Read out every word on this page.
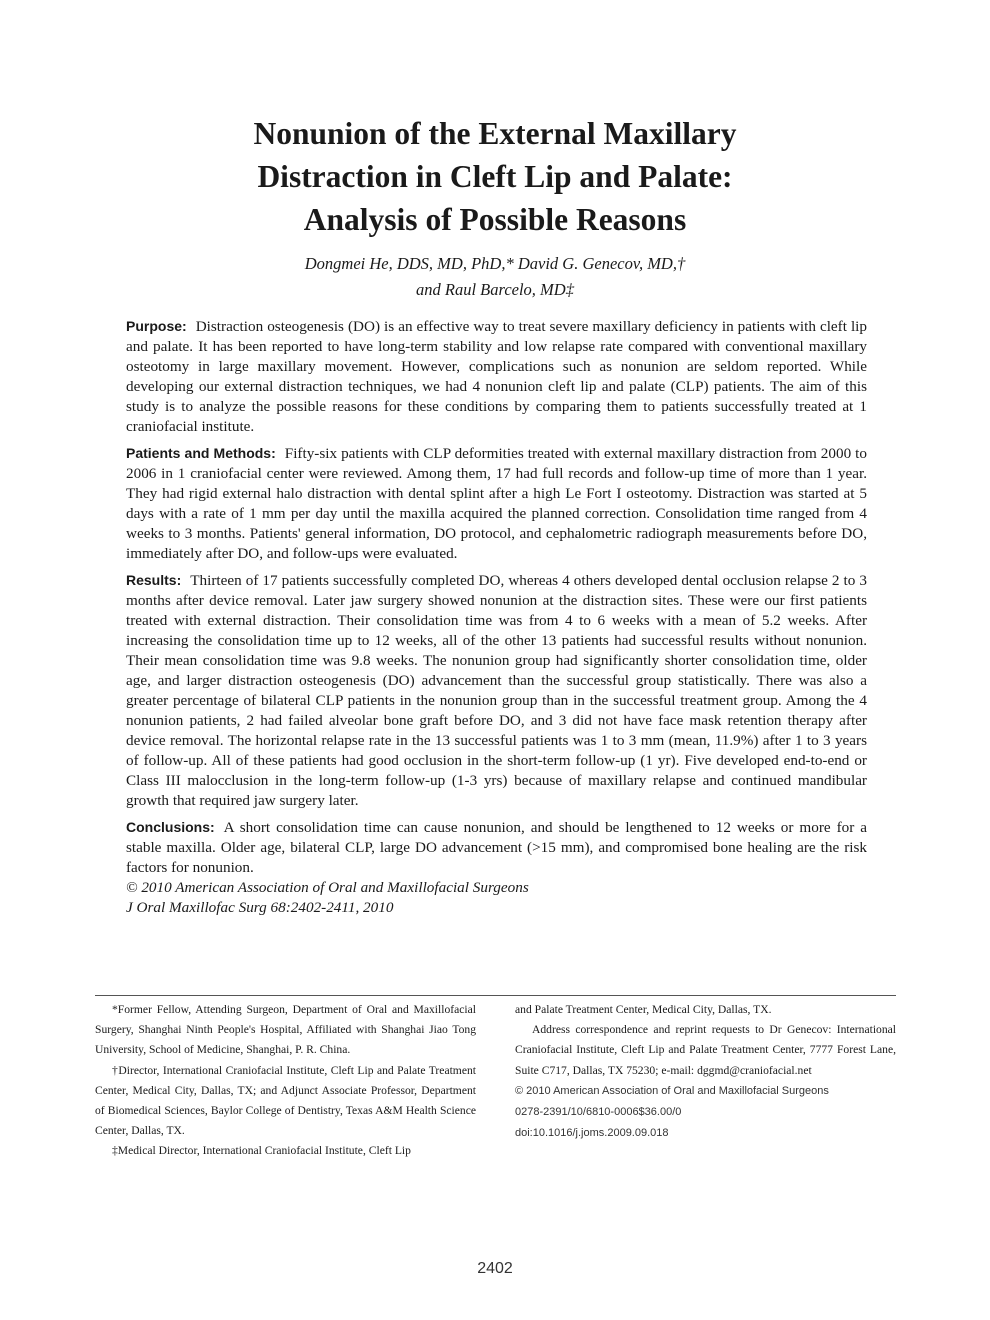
Nonunion of the External Maxillary
Distraction in Cleft Lip and Palate:
Analysis of Possible Reasons
Dongmei He, DDS, MD, PhD,* David G. Genecov, MD,†
and Raul Barcelo, MD‡

Purpose: Distraction osteogenesis (DO) is an effective way to treat severe maxillary deficiency in patients with cleft lip and palate. It has been reported to have long-term stability and low relapse rate compared with conventional maxillary osteotomy in large maxillary movement. However, complications such as nonunion are seldom reported. While developing our external distraction techniques, we had 4 nonunion cleft lip and palate (CLP) patients. The aim of this study is to analyze the possible reasons for these conditions by comparing them to patients successfully treated at 1 craniofacial institute.

Patients and Methods: Fifty-six patients with CLP deformities treated with external maxillary distraction from 2000 to 2006 in 1 craniofacial center were reviewed. Among them, 17 had full records and follow-up time of more than 1 year. They had rigid external halo distraction with dental splint after a high Le Fort I osteotomy. Distraction was started at 5 days with a rate of 1 mm per day until the maxilla acquired the planned correction. Consolidation time ranged from 4 weeks to 3 months. Patients' general information, DO protocol, and cephalometric radiograph measurements before DO, immediately after DO, and follow-ups were evaluated.

Results: Thirteen of 17 patients successfully completed DO, whereas 4 others developed dental occlusion relapse 2 to 3 months after device removal. Later jaw surgery showed nonunion at the distraction sites. These were our first patients treated with external distraction. Their consolidation time was from 4 to 6 weeks with a mean of 5.2 weeks. After increasing the consolidation time up to 12 weeks, all of the other 13 patients had successful results without nonunion. Their mean consolidation time was 9.8 weeks. The nonunion group had significantly shorter consolidation time, older age, and larger distraction osteogenesis (DO) advancement than the successful group statistically. There was also a greater percentage of bilateral CLP patients in the nonunion group than in the successful treatment group. Among the 4 nonunion patients, 2 had failed alveolar bone graft before DO, and 3 did not have face mask retention therapy after device removal. The horizontal relapse rate in the 13 successful patients was 1 to 3 mm (mean, 11.9%) after 1 to 3 years of follow-up. All of these patients had good occlusion in the short-term follow-up (1 yr). Five developed end-to-end or Class III malocclusion in the long-term follow-up (1-3 yrs) because of maxillary relapse and continued mandibular growth that required jaw surgery later.

Conclusions: A short consolidation time can cause nonunion, and should be lengthened to 12 weeks or more for a stable maxilla. Older age, bilateral CLP, large DO advancement (>15 mm), and compromised bone healing are the risk factors for nonunion.

© 2010 American Association of Oral and Maxillofacial Surgeons
J Oral Maxillofac Surg 68:2402-2411, 2010

*Former Fellow, Attending Surgeon, Department of Oral and Maxillofacial Surgery, Shanghai Ninth People's Hospital, Affiliated with Shanghai Jiao Tong University, School of Medicine, Shanghai, P. R. China.

†Director, International Craniofacial Institute, Cleft Lip and Palate Treatment Center, Medical City, Dallas, TX; and Adjunct Associate Professor, Department of Biomedical Sciences, Baylor College of Dentistry, Texas A&M Health Science Center, Dallas, TX.

‡Medical Director, International Craniofacial Institute, Cleft Lip

and Palate Treatment Center, Medical City, Dallas, TX.

Address correspondence and reprint requests to Dr Genecov: International Craniofacial Institute, Cleft Lip and Palate Treatment Center, 7777 Forest Lane, Suite C717, Dallas, TX 75230; e-mail: dggmd@craniofacial.net

© 2010 American Association of Oral and Maxillofacial Surgeons
0278-2391/10/6810-0006$36.00/0
doi:10.1016/j.joms.2009.09.018
2402
